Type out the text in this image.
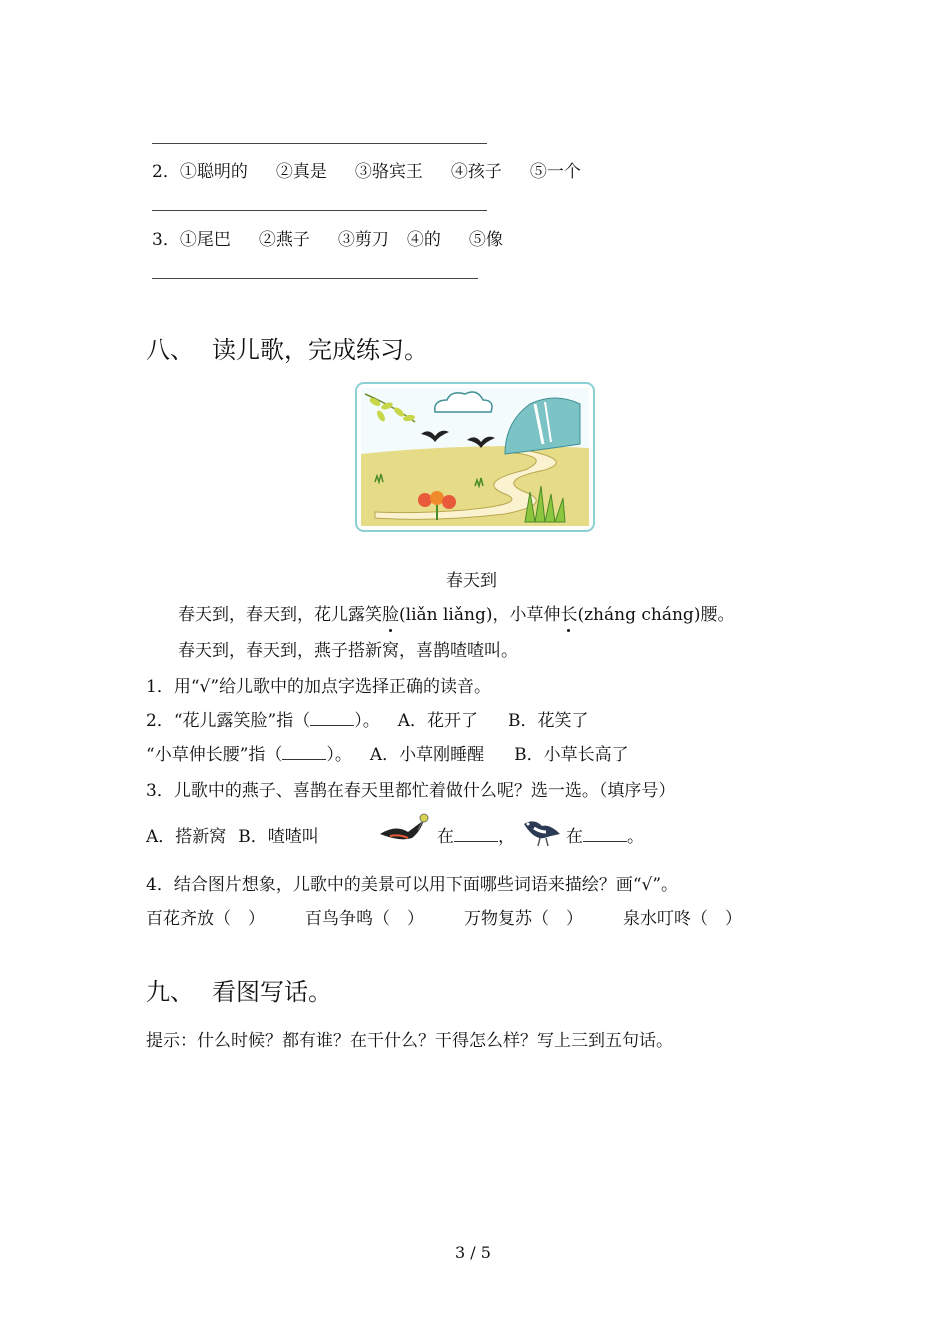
2．①聪明的 ②真是 ③骆宾王 ④孩子 ⑤一个
3．①尾巴 ②燕子 ③剪刀 ④的 ⑤像
八、 读儿歌，完成练习。
春天到
春天到，春天到，花儿露笑脸(liǎn liǎng)，小草伸长(zháng cháng)腰。
春天到，春天到，燕子搭新窝，喜鹊喳喳叫。
1．用“√”给儿歌中的加点字选择正确的读音。
2．“花儿露笑脸”指（	）。 A．花开了 B．花笑了
“小草伸长腰”指（	）。 A．小草刚睡醒 B．小草长高了
3．儿歌中的燕子、喜鹊在春天里都忙着做什么呢？选一选。（填序号）
A．搭新窝 B．喳喳叫	在	，	在	。
4．结合图片想象，儿歌中的美景可以用下面哪些词语来描绘？画“√”。
百花齐放（　） 百鸟争鸣（　） 万物复苏（　） 泉水叮咚（　）
九、 看图写话。
提示：什么时候？都有谁？在干什么？干得怎么样？写上三到五句话。
3 / 5
